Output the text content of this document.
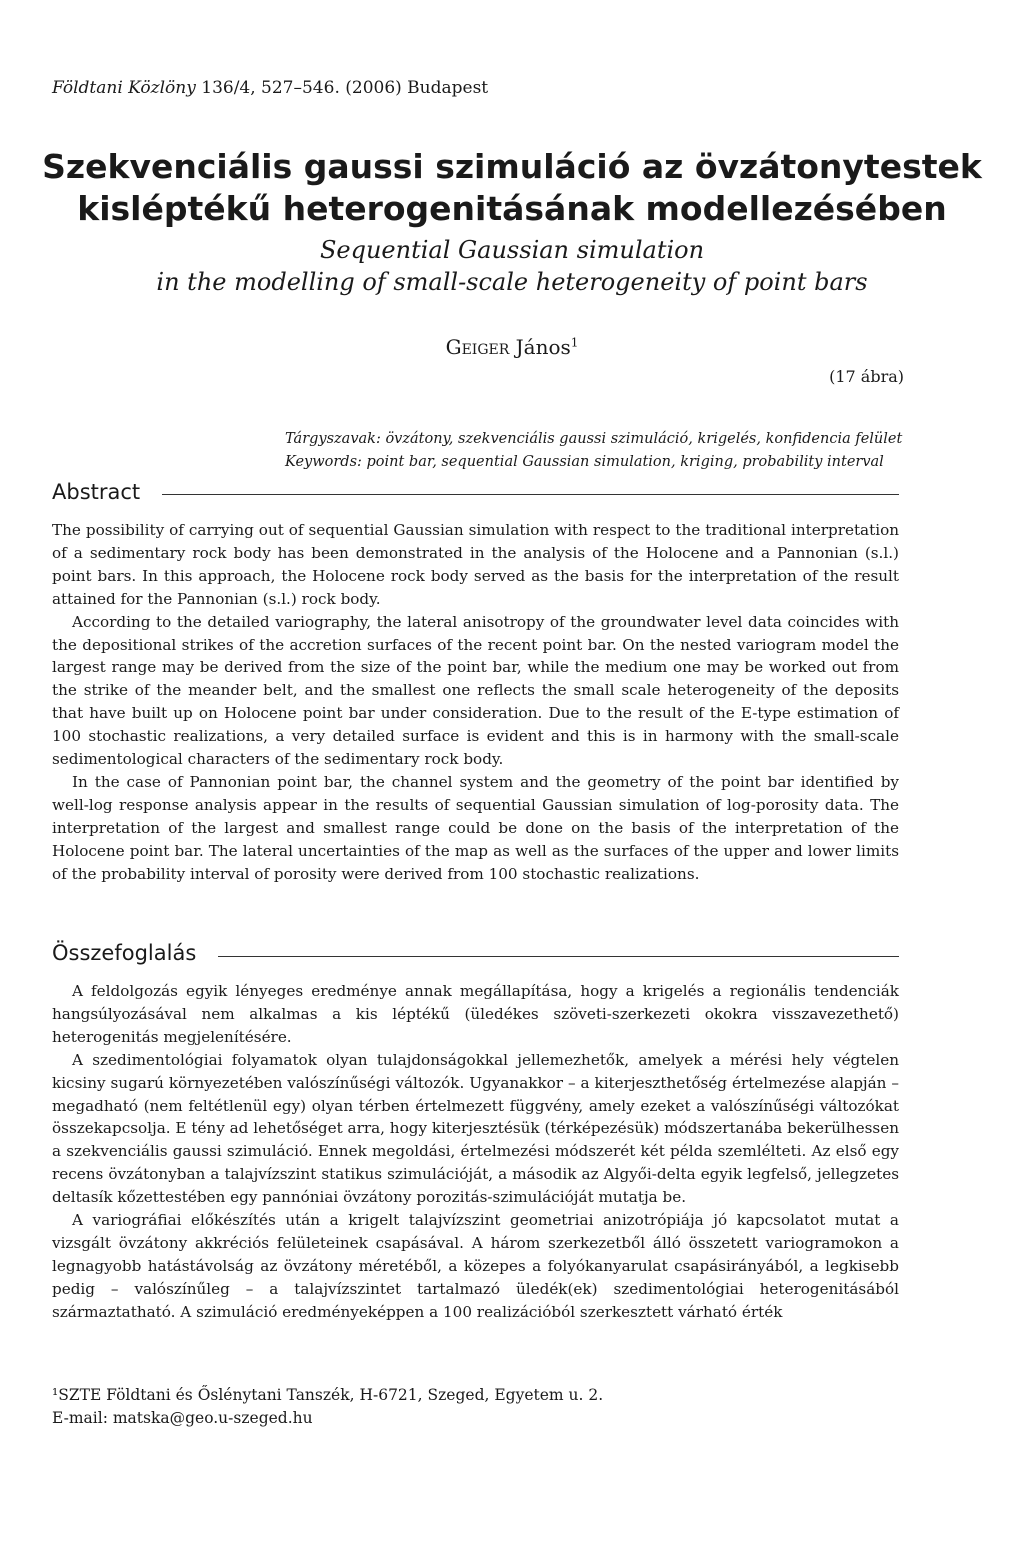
Földtani Közlöny 136/4, 527–546. (2006) Budapest
Szekvenciális gaussi szimuláció az övzátonytestek
kisléptékű heterogenitásának modellezésében
Sequential Gaussian simulation
in the modelling of small-scale heterogeneity of point bars
Geiger János$^1$
(17 ábra)
Tárgyszavak: övzátony, szekvenciális gaussi szimuláció, krigelés, konfidencia felület
Keywords: point bar, sequential Gaussian simulation, kriging, probability interval
Abstract

The possibility of carrying out of sequential Gaussian simulation with respect to the traditional interpretation of a sedimentary rock body has been demonstrated in the analysis of the Holocene and a Pannonian (s.l.) point bars. In this approach, the Holocene rock body served as the basis for the interpretation of the result attained for the Pannonian (s.l.) rock body.

According to the detailed variography, the lateral anisotropy of the groundwater level data coincides with the depositional strikes of the accretion surfaces of the recent point bar. On the nested variogram model the largest range may be derived from the size of the point bar, while the medium one may be worked out from the strike of the meander belt, and the smallest one reflects the small scale heterogeneity of the deposits that have built up on Holocene point bar under consideration. Due to the result of the E-type estimation of 100 stochastic realizations, a very detailed surface is evident and this is in harmony with the small-scale sedimentological characters of the sedimentary rock body.

In the case of Pannonian point bar, the channel system and the geometry of the point bar identified by well-log response analysis appear in the results of sequential Gaussian simulation of log-porosity data. The interpretation of the largest and smallest range could be done on the basis of the interpretation of the Holocene point bar. The lateral uncertainties of the map as well as the surfaces of the upper and lower limits of the probability interval of porosity were derived from 100 stochastic realizations.

Összefoglalás

A feldolgozás egyik lényeges eredménye annak megállapítása, hogy a krigelés a regionális tendenciák hangsúlyozásával nem alkalmas a kis léptékű (üledékes szöveti-szerkezeti okokra visszavezethető) heterogenitás megjelenítésére.

A szedimentológiai folyamatok olyan tulajdonságokkal jellemezhetők, amelyek a mérési hely végtelen kicsiny sugarú környezetében valószínűségi változók. Ugyanakkor – a kiterjeszthetőség értelmezése alapján – megadható (nem feltétlenül egy) olyan térben értelmezett függvény, amely ezeket a valószínűségi változókat összekapcsolja. E tény ad lehetőséget arra, hogy kiterjesztésük (térképezésük) módszertanába bekerülhessen a szekvenciális gaussi szimuláció. Ennek megoldási, értelmezési módszerét két példa szemlélteti. Az első egy recens övzátonyban a talajvízszint statikus szimulációját, a második az Algyői-delta egyik legfelső, jellegzetes deltasík kőzettestében egy pannóniai övzátony porozitás-szimulációját mutatja be.

A variográfiai előkészítés után a krigelt talajvízszint geometriai anizotrópiája jó kapcsolatot mutat a vizsgált övzátony akkréciós felületeinek csapásával. A három szerkezetből álló összetett variogramokon a legnagyobb hatástávolság az övzátony méretéből, a közepes a folyókanyarulat csapásirányából, a legkisebb pedig – valószínűleg – a talajvízszintet tartalmazó üledék(ek) szedimentológiai heterogenitásából származtatható. A szimuláció eredményeképpen a 100 realizációból szerkesztett várható érték

¹SZTE Földtani és Őslénytani Tanszék, H-6721, Szeged, Egyetem u. 2.
E-mail: matska@geo.u-szeged.hu
